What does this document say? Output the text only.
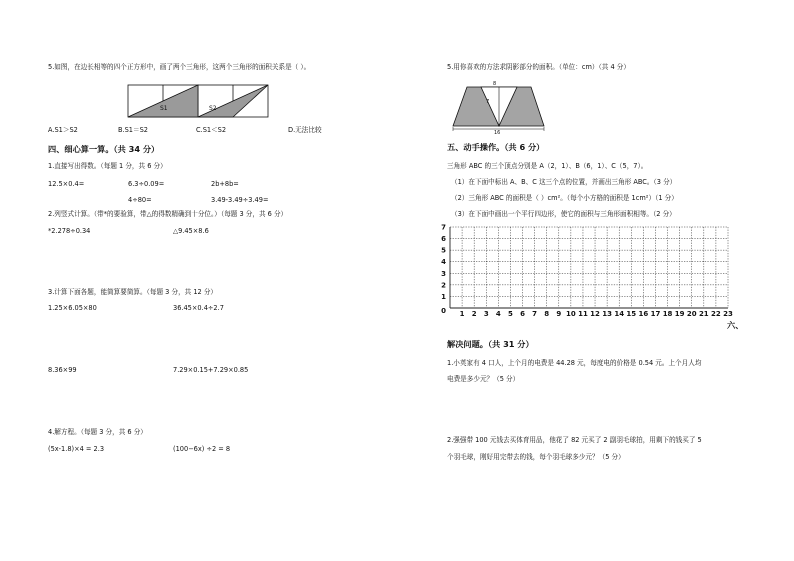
5.如图，在边长相等的四个正方形中，画了两个三角形，这两个三角形的面积关系是（ ）。
S1	S2
A.S1＞S2	B.S1＝S2	C.S1＜S2	D.无法比较
四、细心算一算。（共 34 分）
1.直接写出得数。（每题 1 分，共 6 分）
12.5×0.4=	6.3÷0.09=	2b+8b=
4÷80=	3.49-3.49÷3.49=
2.列竖式计算。（带*的要验算，带△的得数精确到十分位。）（每题 3 分，共 6 分）
*2.278÷0.34	△9.45×8.6
3.计算下面各题，能简算要简算。（每题 3 分，共 12 分）
1.25×6.05×80	36.45×0.4÷2.7
8.36×99	7.29×0.15+7.29×0.85
4.解方程。（每题 3 分，共 6 分）
(5x-1.8)×4 = 2.3	(100−6x) ÷2 = 8
5.用你喜欢的方法求阴影部分的面积。（单位：cm）（共 4 分）
8
7
16
五、动手操作。（共 6 分）
三角形 ABC 的三个顶点分别是 A（2，1）、B（6，1）、C（5，7）。
（1）在下面中标出 A、B、C 这三个点的位置，并画出三角形 ABC。（3 分）
（2）三角形 ABC 的面积是（ ）cm²。（每个小方格的面积是 1cm²）（1 分）
（3）在下面中画出一个平行四边形，使它的面积与三角形面积相等。（2 分）
1 2 3 4 5 6 7 8 9 10 11 12 13 14 15 16 17 18 19 20 21 22 23
7
6
5
4
3
2
1
0
六、
解决问题。（共 31 分）
1.小英家有 4 口人，上个月的电费是 44.28 元，每度电的价格是 0.54 元。上个月人均
电费是多少元？（5 分）
2.强强带 100 元钱去买体育用品，他花了 82 元买了 2 副羽毛球拍，用剩下的钱买了 5
个羽毛球，刚好用完带去的钱，每个羽毛球多少元？（5 分）
